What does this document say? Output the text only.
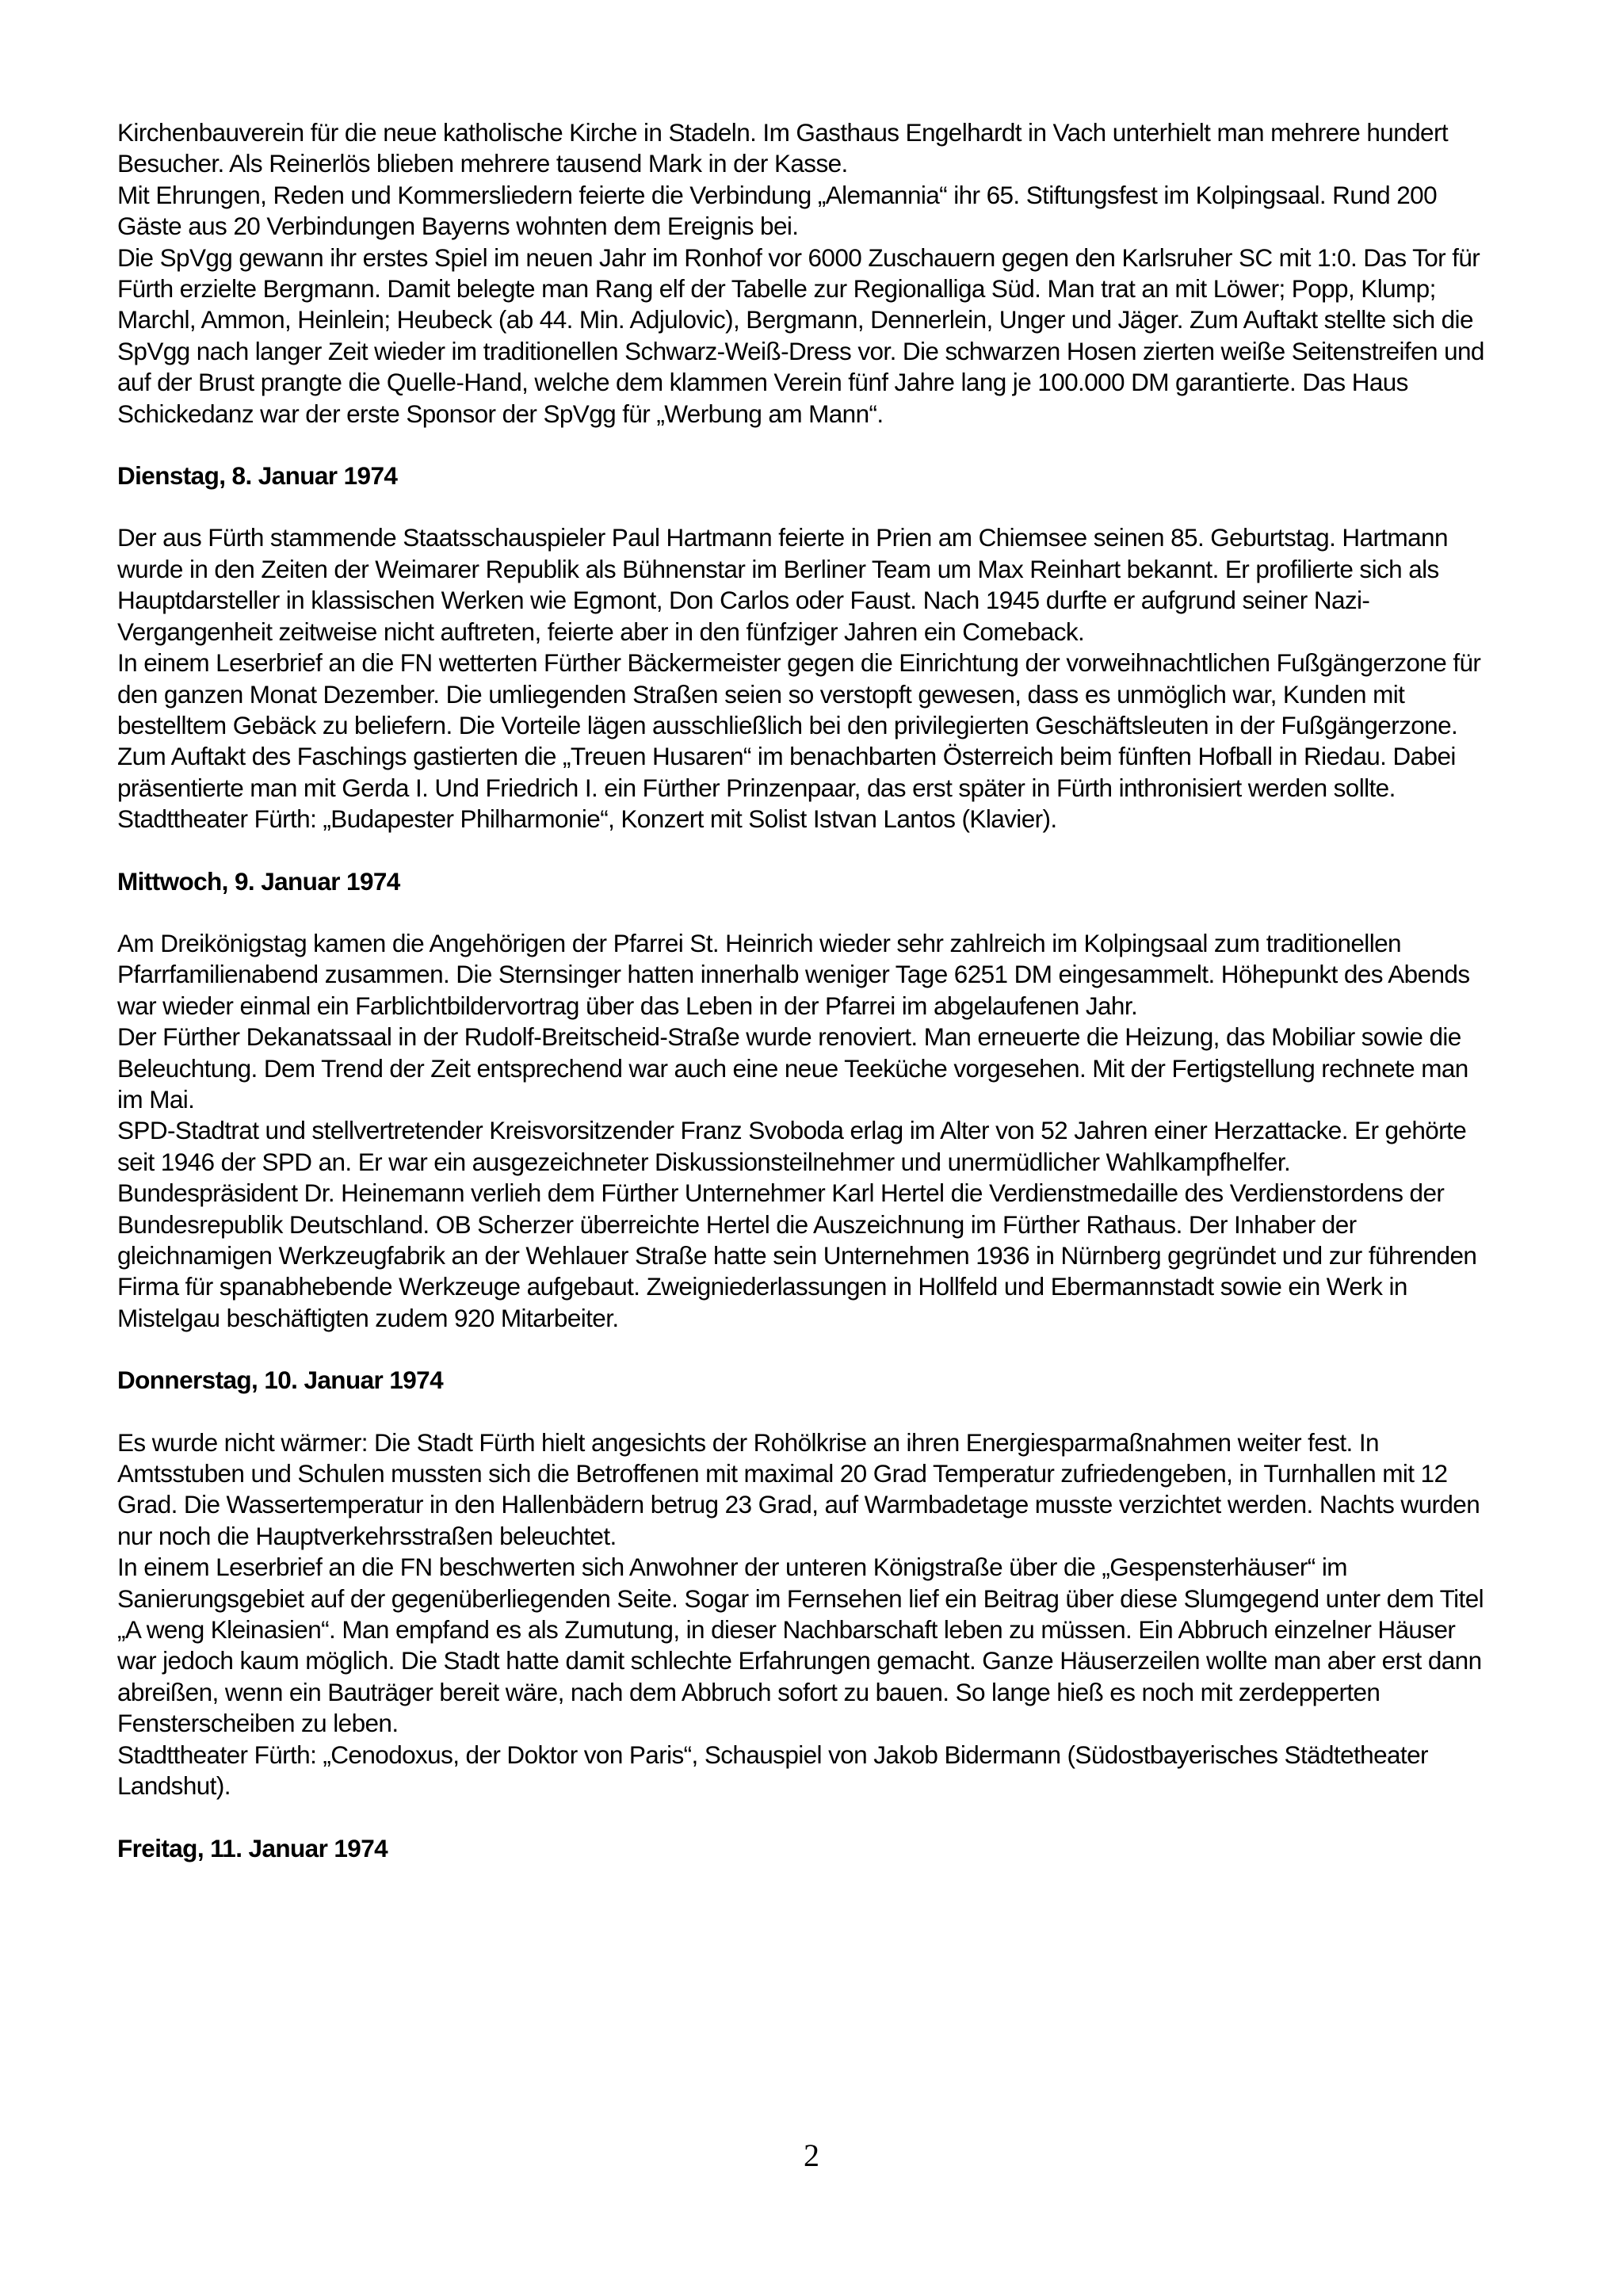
Kirchenbauverein für die neue katholische Kirche in Stadeln. Im Gasthaus Engelhardt in Vach unterhielt man mehrere hundert Besucher. Als Reinerlös blieben mehrere tausend Mark in der Kasse.

Mit Ehrungen, Reden und Kommersliedern feierte die Verbindung „Alemannia“ ihr 65. Stiftungsfest im Kolpingsaal. Rund 200 Gäste aus 20 Verbindungen Bayerns wohnten dem Ereignis bei.

Die SpVgg gewann ihr erstes Spiel im neuen Jahr im Ronhof vor 6000 Zuschauern gegen den Karlsruher SC mit 1:0. Das Tor für Fürth erzielte Bergmann. Damit belegte man Rang elf der Tabelle zur Regionalliga Süd. Man trat an mit Löwer; Popp, Klump; Marchl, Ammon, Heinlein; Heubeck (ab 44. Min. Adjulovic), Bergmann, Dennerlein, Unger und Jäger. Zum Auftakt stellte sich die SpVgg nach langer Zeit wieder im traditionellen Schwarz-Weiß-Dress vor. Die schwarzen Hosen zierten weiße Seitenstreifen und auf der Brust prangte die Quelle-Hand, welche dem klammen Verein fünf Jahre lang je 100.000 DM garantierte. Das Haus Schickedanz war der erste Sponsor der SpVgg für „Werbung am Mann“.

Dienstag, 8. Januar 1974

Der aus Fürth stammende Staatsschauspieler Paul Hartmann feierte in Prien am Chiemsee seinen 85. Geburtstag. Hartmann wurde in den Zeiten der Weimarer Republik als Bühnenstar im Berliner Team um Max Reinhart bekannt. Er profilierte sich als Hauptdarsteller in klassischen Werken wie Egmont, Don Carlos oder Faust. Nach 1945 durfte er aufgrund seiner Nazi-Vergangenheit zeitweise nicht auftreten, feierte aber in den fünfziger Jahren ein Comeback.

In einem Leserbrief an die FN wetterten Fürther Bäckermeister gegen die Einrichtung der vorweihnachtlichen Fußgängerzone für den ganzen Monat Dezember. Die umliegenden Straßen seien so verstopft gewesen, dass es unmöglich war, Kunden mit bestelltem Gebäck zu beliefern. Die Vorteile lägen ausschließlich bei den privilegierten Geschäftsleuten in der Fußgängerzone.

Zum Auftakt des Faschings gastierten die „Treuen Husaren“ im benachbarten Österreich beim fünften Hofball in Riedau. Dabei präsentierte man mit Gerda I. Und Friedrich I. ein Fürther Prinzenpaar, das erst später in Fürth inthronisiert werden sollte.

Stadttheater Fürth: „Budapester Philharmonie“, Konzert mit Solist Istvan Lantos (Klavier).

Mittwoch, 9. Januar 1974

Am Dreikönigstag kamen die Angehörigen der Pfarrei St. Heinrich wieder sehr zahlreich im Kolpingsaal zum traditionellen Pfarrfamilienabend zusammen. Die Sternsinger hatten innerhalb weniger Tage 6251 DM eingesammelt. Höhepunkt des Abends war wieder einmal ein Farblichtbildervortrag über das Leben in der Pfarrei im abgelaufenen Jahr.

Der Fürther Dekanatssaal in der Rudolf-Breitscheid-Straße wurde renoviert. Man erneuerte die Heizung, das Mobiliar sowie die Beleuchtung. Dem Trend der Zeit entsprechend war auch eine neue Teeküche vorgesehen. Mit der Fertigstellung rechnete man im Mai.

SPD-Stadtrat und stellvertretender Kreisvorsitzender Franz Svoboda erlag im Alter von 52 Jahren einer Herzattacke. Er gehörte seit 1946 der SPD an. Er war ein ausgezeichneter Diskussionsteilnehmer und unermüdlicher Wahlkampfhelfer.

Bundespräsident Dr. Heinemann verlieh dem Fürther Unternehmer Karl Hertel die Verdienstmedaille des Verdienstordens der Bundesrepublik Deutschland. OB Scherzer überreichte Hertel die Auszeichnung im Fürther Rathaus. Der Inhaber der gleichnamigen Werkzeugfabrik an der Wehlauer Straße hatte sein Unternehmen 1936 in Nürnberg gegründet und zur führenden Firma für spanabhebende Werkzeuge aufgebaut. Zweigniederlassungen in Hollfeld und Ebermannstadt sowie ein Werk in Mistelgau beschäftigten zudem 920 Mitarbeiter.

Donnerstag, 10. Januar 1974

Es wurde nicht wärmer: Die Stadt Fürth hielt angesichts der Rohölkrise an ihren Energiesparmaßnahmen weiter fest. In Amtsstuben und Schulen mussten sich die Betroffenen mit maximal 20 Grad Temperatur zufriedengeben, in Turnhallen mit 12 Grad. Die Wassertemperatur in den Hallenbädern betrug 23 Grad, auf Warmbadetage musste verzichtet werden. Nachts wurden nur noch die Hauptverkehrsstraßen beleuchtet.

In einem Leserbrief an die FN beschwerten sich Anwohner der unteren Königstraße über die „Gespensterhäuser“ im Sanierungsgebiet auf der gegenüberliegenden Seite. Sogar im Fernsehen lief ein Beitrag über diese Slumgegend unter dem Titel „A weng Kleinasien“. Man empfand es als Zumutung, in dieser Nachbarschaft leben zu müssen. Ein Abbruch einzelner Häuser war jedoch kaum möglich. Die Stadt hatte damit schlechte Erfahrungen gemacht. Ganze Häuserzeilen wollte man aber erst dann abreißen, wenn ein Bauträger bereit wäre, nach dem Abbruch sofort zu bauen. So lange hieß es noch mit zerdepperten Fensterscheiben zu leben.

Stadttheater Fürth: „Cenodoxus, der Doktor von Paris“, Schauspiel von Jakob Bidermann (Südostbayerisches Städtetheater Landshut).

Freitag, 11. Januar 1974

2
